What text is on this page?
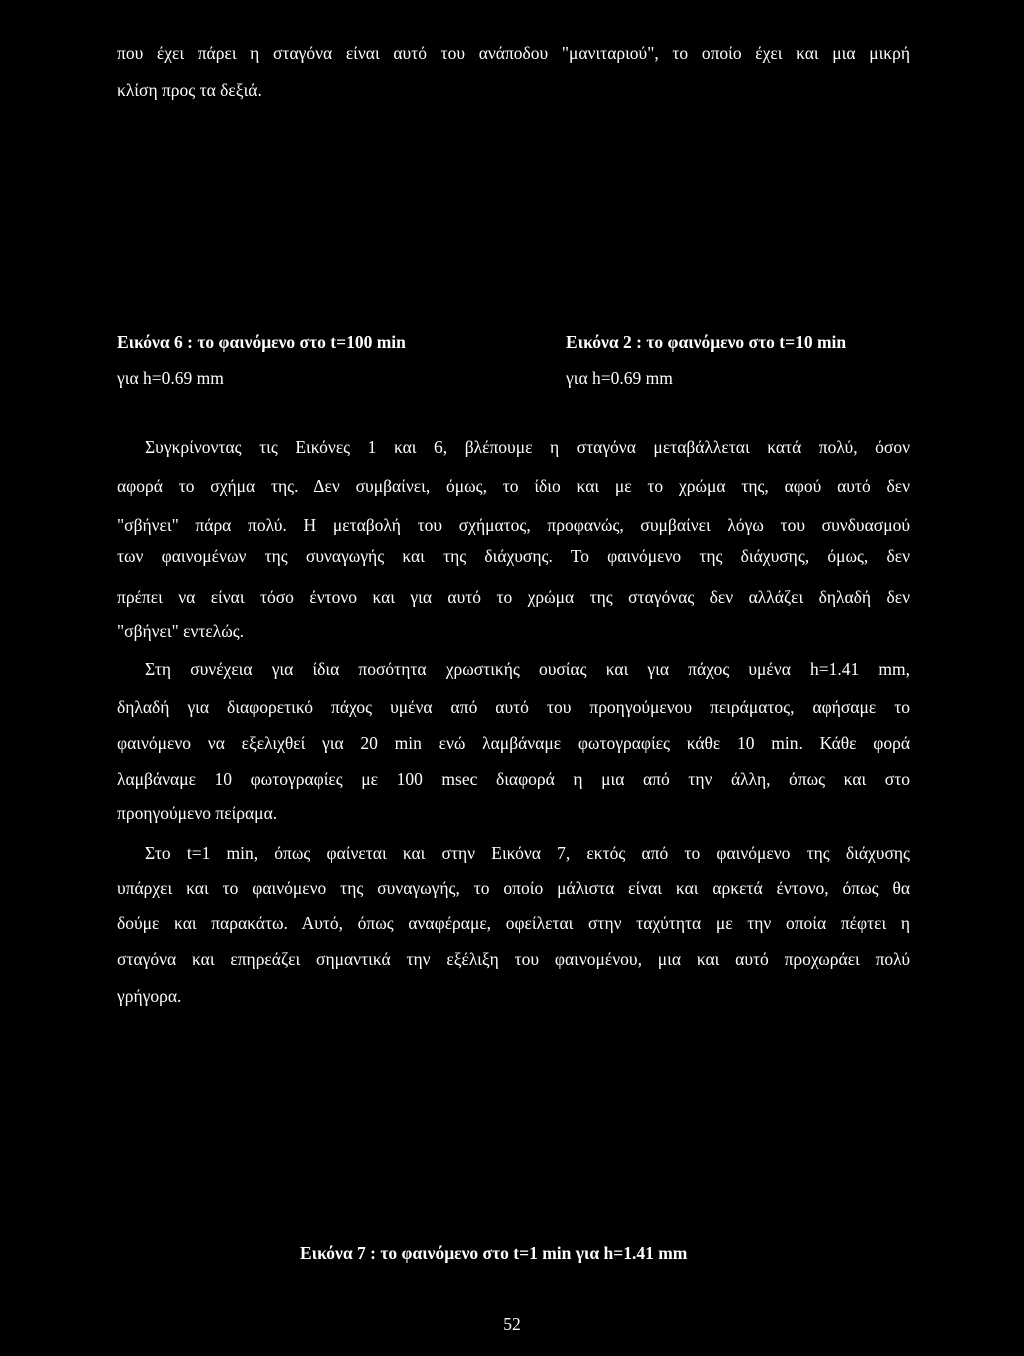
που έχει πάρει η σταγόνα είναι αυτό του ανάποδου "μανιταριού", το οποίο έχει και μια μικρή
κλίση προς τα δεξιά.
Εικόνα 6 : το φαινόμενο στο t=100 min
για h=0.69 mm
Εικόνα 2 : το φαινόμενο στο t=10 min
για h=0.69 mm
Συγκρίνοντας τις Εικόνες 1 και 6, βλέπουμε η σταγόνα μεταβάλλεται κατά πολύ, όσον
αφορά το σχήμα της. Δεν συμβαίνει, όμως, το ίδιο και με το χρώμα της, αφού αυτό δεν
"σβήνει" πάρα πολύ. Η μεταβολή του σχήματος, προφανώς, συμβαίνει λόγω του συνδυασμού
των φαινομένων της συναγωγής και της διάχυσης. Το φαινόμενο της διάχυσης, όμως, δεν
πρέπει να είναι τόσο έντονο και για αυτό το χρώμα της σταγόνας δεν αλλάζει δηλαδή δεν
"σβήνει" εντελώς.
Στη συνέχεια για ίδια ποσότητα χρωστικής ουσίας και για πάχος υμένα h=1.41 mm,
δηλαδή για διαφορετικό πάχος υμένα από αυτό του προηγούμενου πειράματος, αφήσαμε το
φαινόμενο να εξελιχθεί για 20 min ενώ λαμβάναμε φωτογραφίες κάθε 10 min. Κάθε φορά
λαμβάναμε 10 φωτογραφίες με 100 msec διαφορά η μια από την άλλη, όπως και στο
προηγούμενο πείραμα.
Στο t=1 min, όπως φαίνεται και στην Εικόνα 7, εκτός από το φαινόμενο της διάχυσης
υπάρχει και το φαινόμενο της συναγωγής, το οποίο μάλιστα είναι και αρκετά έντονο, όπως θα
δούμε και παρακάτω. Αυτό, όπως αναφέραμε, οφείλεται στην ταχύτητα με την οποία πέφτει η
σταγόνα και επηρεάζει σημαντικά την εξέλιξη του φαινομένου, μια και αυτό προχωράει πολύ
γρήγορα.
Εικόνα 7 : το φαινόμενο στο t=1 min για h=1.41 mm
52
